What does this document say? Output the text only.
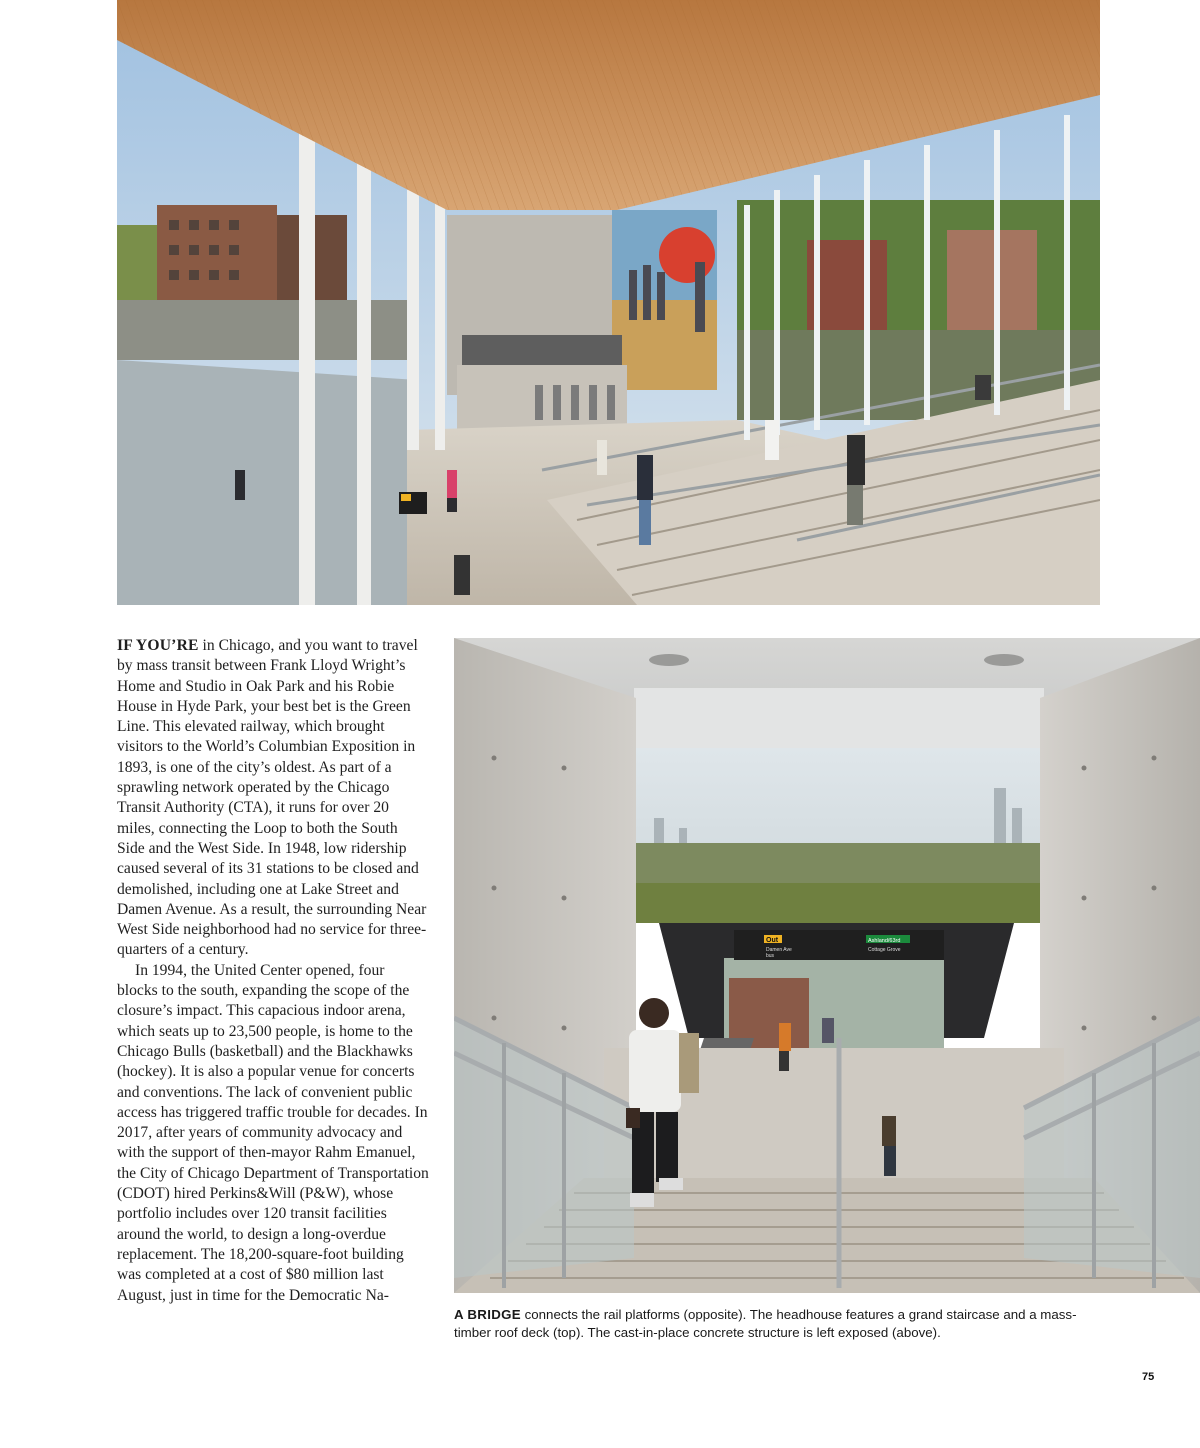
IF YOU’RE in Chicago, and you want to travel by mass transit between Frank Lloyd Wright’s Home and Studio in Oak Park and his Robie House in Hyde Park, your best bet is the Green Line. This elevated railway, which brought visitors to the World’s Columbian Exposition in 1893, is one of the city’s oldest. As part of a sprawling network operated by the Chicago Transit Authority (CTA), it runs for over 20 miles, connecting the Loop to both the South Side and the West Side. In 1948, low ridership caused several of its 31 stations to be closed and demolished, including one at Lake Street and Damen Avenue. As a result, the surrounding Near West Side neighborhood had no service for three-quarters of a century.

In 1994, the United Center opened, four blocks to the south, expanding the scope of the closure’s impact. This capacious indoor arena, which seats up to 23,500 people, is home to the Chicago Bulls (basketball) and the Blackhawks (hockey). It is also a popular venue for concerts and conventions. The lack of convenient public access has triggered traffic trouble for decades. In 2017, after years of community advocacy and with the support of then-mayor Rahm Emanuel, the City of Chicago Department of Transportation (CDOT) hired Perkins&Will (P&W), whose portfolio includes over 120 transit facilities around the world, to design a long-overdue replacement. The 18,200-square-foot building was completed at a cost of $80 million last August, just in time for the Democratic Na-

Out
Damen Ave
bus
Ashland/63rd
Cottage Grove
A BRIDGE connects the rail platforms (opposite). The headhouse features a grand staircase and a mass-timber roof deck (top). The cast-in-place concrete structure is left exposed (above).
75
